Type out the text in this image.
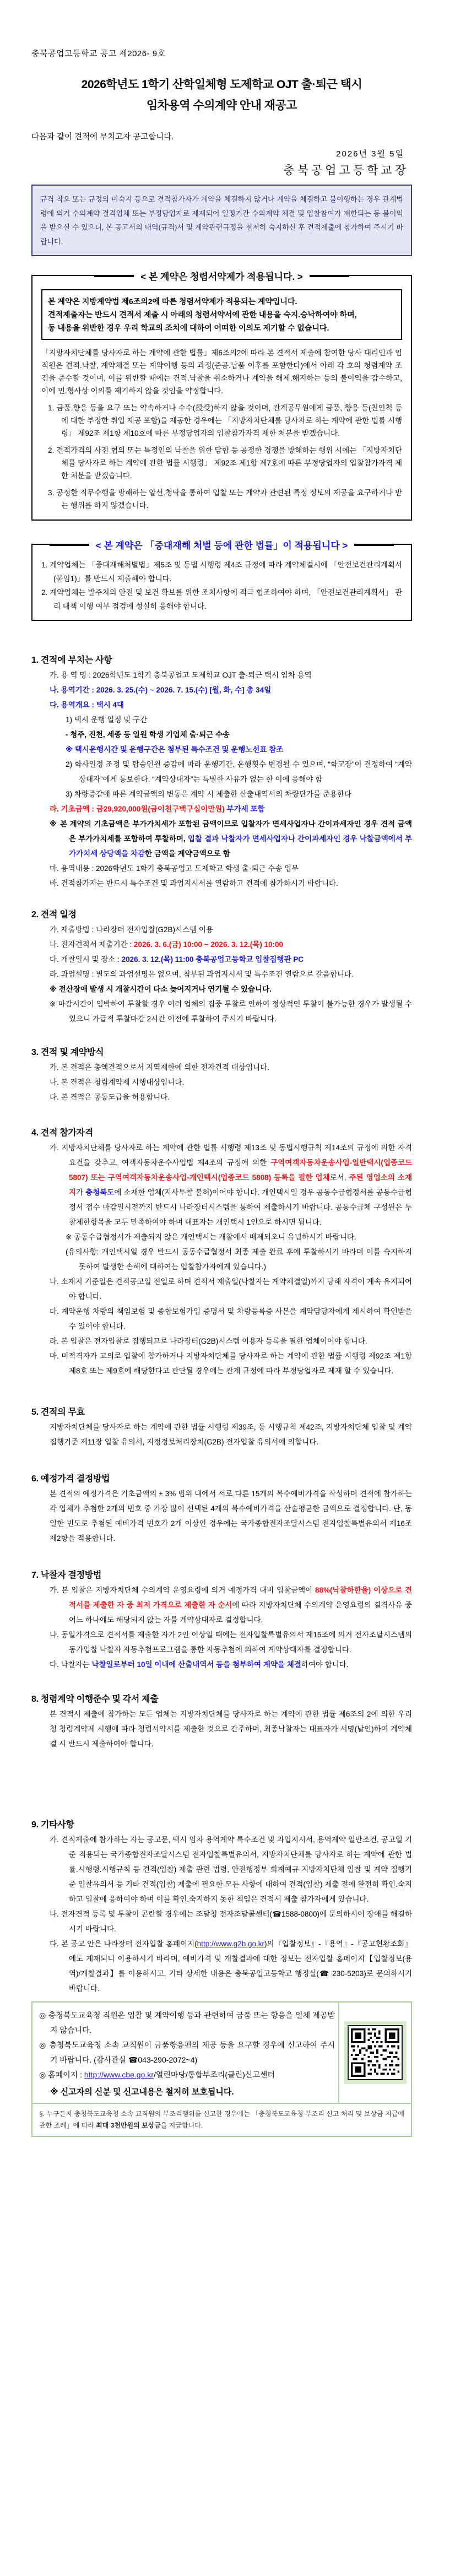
충북공업고등학교 공고 제2026- 9호

2026학년도 1학기 산학일체형 도제학교 OJT 출·퇴근 택시
임차용역 수의계약 안내 재공고

다음과 같이 견적에 부치고자 공고합니다.

2026년 3월 5일

충북공업고등학교장

규격 착오 또는 규정의 미숙지 등으로 견적참가자가 계약을 체결하지 않거나 계약을 체결하고 불이행하는 경우 관계법령에 의거 수의계약 결격업체 또는 부정당업자로 제재되어 일정기간 수의계약 체결 및 입찰참여가 제한되는 등 불이익을 받으실 수 있으니, 본 공고서의 내역(규격)서 및 계약관련규정을 철저히 숙지하신 후 견적제출에 참가하여 주시기 바랍니다.
< 본 계약은 청렴서약제가 적용됩니다. >
본 계약은 지방계약법 제6조의2에 따른 청렴서약제가 적용되는 계약입니다.
견적제출자는 반드시 견적서 제출 시 아래의 청렴서약서에 관한 내용을 숙지.승낙하여야 하며,
동 내용을 위반한 경우 우리 학교의 조치에 대하여 어떠한 이의도 제기할 수 없습니다.

「지방자치단체를 당사자로 하는 계약에 관한 법률」제6조의2에 따라 본 견적서 제출에 참여한 당사 대리인과 임직원은 견적.낙찰, 계약체결 또는 계약이행 등의 과정(준공.납품 이후를 포함한다)에서 아래 각 호의 청렴계약 조건을 준수할 것이며, 이를 위반할 때에는 견적.낙찰을 취소하거나 계약을 해제.해지하는 등의 불이익을 감수하고, 이에 민.형사상 이의를 제기하지 않을 것임을 약정합니다.

1. 금품.향응 등을 요구 또는 약속하거나 수수(授受)하지 않을 것이며, 관계공무원에게 금품, 향응 등(친인척 등에 대한 부정한 취업 제공 포함)을 제공한 경우에는 「지방자치단체를 당사자로 하는 계약에 관한 법률 시행령」 제92조 제1항 제10호에 따른 부정당업자의 입찰참가자격 제한 처분을 받겠습니다.

2. 견적가격의 사전 협의 또는 특정인의 낙찰을 위한 담합 등 공정한 경쟁을 방해하는 행위 시에는 「지방자치단체를 당사자로 하는 계약에 관한 법률 시행령」 제92조 제1항 제7호에 따른 부정당업자의 입찰참가자격 제한 처분을 받겠습니다.

3. 공정한 직무수행을 방해하는 알선.청탁을 통하여 입찰 또는 계약과 관련된 특정 정보의 제공을 요구하거나 받는 행위를 하지 않겠습니다.

< 본 계약은 「중대재해 처벌 등에 관한 법률」이 적용됩니다 >

1. 계약업체는 「중대재해처벌법」제5조 및 동법 시행령 제4조 규정에 따라 계약체결시에 「안전보건관리계획서(붙임1)」를 반드시 제출해야 합니다.

2. 계약업체는 발주처의 안전 및 보건 확보를 위한 조치사항에 적극 협조하여야 하며, 「안전보건관리계획서」 관리 대책 이행 여부 점검에 성실히 응해야 합니다.

1. 견적에 부치는 사항

가. 용 역 명 : 2026학년도 1학기 충북공업고 도제학교 OJT 출·퇴근 택시 임차 용역

나. 용역기간 : 2026. 3. 25.(수) ~ 2026. 7. 15.(수) [월, 화, 수] 총 34일

다. 용역개요 : 택시 4대

1) 택시 운행 일정 및 구간

- 청주, 진천, 세종 등 일원 학생 기업체 출·퇴근 수송

※ 택시운행시간 및 운행구간은 첨부된 특수조건 및 운행노선표 참조

2) 학사일정 조정 및 탑승인원 증감에 따라 운행기간, 운행횟수 변경될 수 있으며, “학교장”이 결정하여 “계약상대자”에게 통보한다. “계약상대자”는 특별한 사유가 없는 한 이에 응해야 함

3) 차량증감에 따른 계약금액의 변동은 계약 시 제출한 산출내역서의 차량단가를 준용한다

라. 기초금액 : 금29,920,000원(금이천구백구십이만원) 부가세 포함

※ 본 계약의 기초금액은 부가가치세가 포함된 금액이므로 입찰자가 면세사업자나 간이과세자인 경우 견적 금액은 부가가치세를 포함하여 투찰하며, 입찰 결과 낙찰자가 면세사업자나 간이과세자인 경우 낙찰금액에서 부가가치세 상당액을 차감한 금액을 계약금액으로 함

마. 용역내용 : 2026학년도 1학기 충북공업고 도제학교 학생 출·퇴근 수송 업무

바. 견적참가자는 반드시 특수조건 및 과업지시서를 열람하고 견적에 참가하시기 바랍니다.

2. 견적 일정

가. 제출방법 : 나라장터 전자입찰(G2B)시스템 이용

나. 전자견적서 제출기간 : 2026. 3. 6.(금) 10:00 ~ 2026. 3. 12.(목) 10:00

다. 개찰일시 및 장소 : 2026. 3. 12.(목) 11:00 충북공업고등학교 입찰집행관 PC

라. 과업설명 : 별도의 과업설명은 없으며, 첨부된 과업지시서 및 특수조건 열람으로 갈음합니다.

※ 전산장애 발생 시 개찰시간이 다소 늦어지거나 연기될 수 있습니다.

※ 마감시간이 임박하여 투찰할 경우 여러 업체의 집중 투찰로 인하여 정상적인 투찰이 불가능한 경우가 발생될 수 있으니 가급적 투찰마감 2시간 이전에 투찰하여 주시기 바랍니다.

3. 견적 및 계약방식

가. 본 견적은 총액견적으로서 지역제한에 의한 전자견적 대상입니다.

나. 본 견적은 청렴계약제 시행대상입니다.

다. 본 견적은 공동도급을 허용합니다.

4. 견적 참가자격

가. 지방자치단체를 당사자로 하는 계약에 관한 법률 시행령 제13조 및 동법시행규칙 제14조의 규정에 의한 자격요건을 갖추고, 여객자동차운수사업법 제4조의 규정에 의한 구역여객자동차운송사업-일반택시(업종코드 5807) 또는 구역여객자동차운송사업-개인택시(업종코드 5808) 등록을 필한 업체로서, 주된 영업소의 소재지가 충청북도에 소재한 업체(지사투찰 불허)이어야 합니다. 개인택시일 경우 공동수급협정서를 공동수급협정서 접수 마감일시전까지 반드시 나라장터시스템을 통하여 제출하시기 바랍니다. 공동수급체 구성원은 투찰제한항목을 모두 만족하여야 하며 대표자는 개인택시 1인으로 하시면 됩니다.

※ 공동수급협정서가 제출되지 않은 개인택시는 개찰에서 배제되오니 유념하시기 바랍니다.

(유의사항: 개인택시일 경우 반드시 공동수급협정서 최종 제출 완료 후에 투찰하시기 바라며 이를 숙지하지 못하여 발생한 손해에 대하여는 입찰참가자에게 있습니다.)

나. 소재지 기준일은 견적공고일 전일로 하며 견적서 제출일(낙찰자는 계약체결일)까지 당해 자격이 계속 유지되어야 합니다.

다. 계약운행 차량의 책임보험 및 종합보험가입 증명서 및 차량등록증 사본을 계약담당자에게 제시하여 확인받을 수 있어야 합니다.

라. 본 입찰은 전자입찰로 집행되므로 나라장터(G2B)시스템 이용자 등록을 필한 업체이어야 합니다.

마. 미적격자가 고의로 입찰에 참가하거나 지방자치단체를 당사자로 하는 계약에 관한 법률 시행령 제92조 제1항 제8호 또는 제9호에 해당한다고 판단될 경우에는 관계 규정에 따라 부정당업자로 제재 할 수 있습니다.

5. 견적의 무효

지방자치단체를 당사자로 하는 계약에 관한 법률 시행령 제39조, 동 시행규칙 제42조, 지방자치단체 입찰 및 계약 집행기준 제11장 입찰 유의서, 지정정보처리장치(G2B) 전자입찰 유의서에 의합니다.

6. 예정가격 결정방법

본 견적의 예정가격은 기초금액의 ± 3% 범위 내에서 서로 다른 15개의 복수예비가격을 작성하며 견적에 참가하는 각 업체가 추첨한 2개의 번호 중 가장 많이 선택된 4개의 복수예비가격을 산술평균한 금액으로 결정합니다. 단, 동일한 빈도로 추첨된 예비가격 번호가 2개 이상인 경우에는 국가종합전자조달시스템 전자입찰특별유의서 제16조 제2항을 적용합니다.

7. 낙찰자 결정방법

가. 본 입찰은 지방자치단체 수의계약 운영요령에 의거 예정가격 대비 입찰금액이 88%(낙찰하한율) 이상으로 견적서를 제출한 자 중 최저 가격으로 제출한 자 순서에 따라 지방자치단체 수의계약 운영요령의 결격사유 중 어느 하나에도 해당되지 않는 자를 계약상대자로 결정합니다.

나. 동일가격으로 견적서를 제출한 자가 2인 이상일 때에는 전자입찰특별유의서 제15조에 의거 전자조달시스템의 동가입찰 낙찰자 자동추첨프로그램을 통한 자동추첨에 의하여 계약상대자를 결정합니다.

다. 낙찰자는 낙찰일로부터 10일 이내에 산출내역서 등을 첨부하여 계약을 체결하여야 합니다.

8. 청렴계약 이행준수 및 각서 제출

본 견적서 제출에 참가하는 모든 업체는 지방자치단체를 당사자로 하는 계약에 관한 법률 제6조의 2에 의한 우리청 청렴계약제 시행에 따라 청렴서약서를 제출한 것으로 간주하며, 최종낙찰자는 대표자가 서명(날인)하여 계약체결 시 반드시 제출하여야 합니다.

9. 기타사항

가. 견적제출에 참가하는 자는 공고문, 택시 임차 용역계약 특수조건 및 과업지시서, 용역계약 일반조건, 공고일 기준 적용되는 국가종합전자조달시스템 전자입찰특별유의서, 지방자치단체를 당사자로 하는 계약에 관한 법률.시행령.시행규칙 등 견적(입찰) 제출 관련 법령, 안전행정부 회계예규 지방자치단체 입찰 및 계약 집행기준 입찰유의서 등 기타 견적(입찰) 제출에 필요한 모든 사항에 대하여 견적(입찰) 제출 전에 완전히 확인.숙지하고 입찰에 응하여야 하며 이를 확인.숙지하지 못한 책임은 견적서 제출 참가자에게 있습니다.

나. 전자견적 등록 및 투찰이 곤란할 경우에는 조달청 전자조달콜센터(☎1588-0800)에 문의하시어 장애를 해결하시기 바랍니다.

다. 본 공고 안은 나라장터 전자입찰 홈페이지(http://www.g2b.go.kr)의『입찰정보』-『용역』-『공고현황조회』에도 게재되니 이용하시기 바라며, 예비가격 및 개찰결과에 대한 정보는 전자입찰 홈페이지【입찰정보(용역)/개찰결과】를 이용하시고, 기타 상세한 내용은 충북공업고등학교 행정실(☎ 230-5203)로 문의하시기 바랍니다.

◎ 충청북도교육청 직원은 입찰 및 계약이행 등과 관련하여 금품 또는 향응을 일체 제공받지 않습니다.

◎ 충청북도교육청 소속 교직원이 금품향응편의 제공 등을 요구할 경우에 신고하여 주시기 바랍니다. (감사관실 ☎043-290-2072~4)

◎ 홈페이지 : http://www.cbe.go.kr/열린마당/통합부조리(클린)신고센터

※ 신고자의 신분 및 신고내용은 철저히 보호됩니다.

§. 누구든지 충청북도교육청 소속 교직원의 부조리행위를 신고한 경우에는 「충청북도교육청 부조리 신고 처리 및 보상금 지급에 관한 조례」에 따라 최대 3천만원의 보상금을 지급합니다.
